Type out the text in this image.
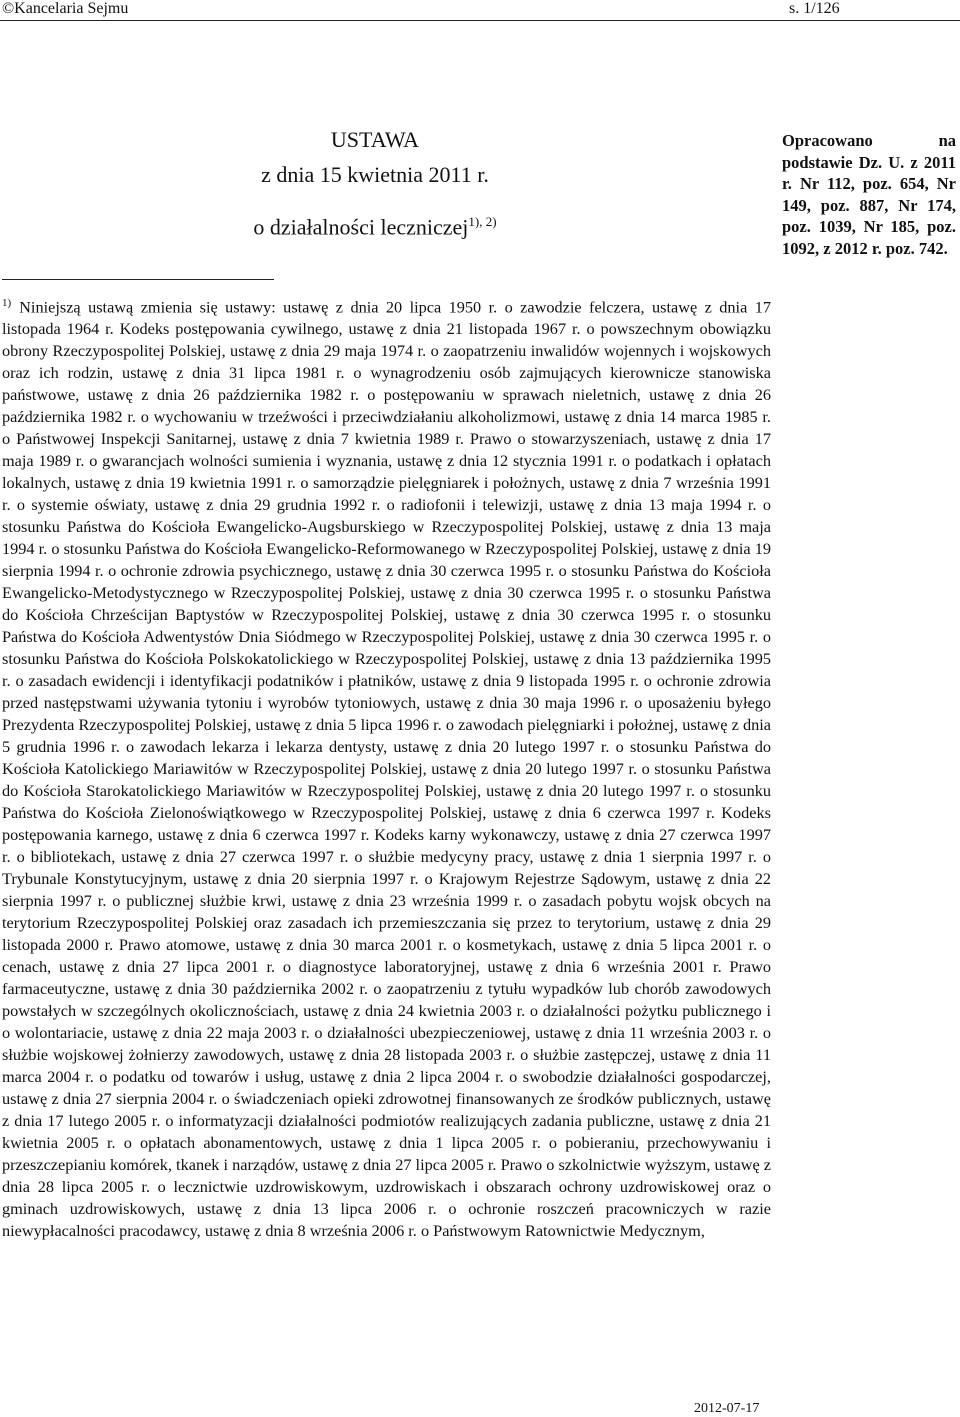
©Kancelaria Sejmu	s. 1/126
USTAWA
z dnia 15 kwietnia 2011 r.
o działalności leczniczej$^{1), 2)}$
Opracowano na podstawie Dz. U. z 2011 r. Nr 112, poz. 654, Nr 149, poz. 887, Nr 174, poz. 1039, Nr 185, poz. 1092, z 2012 r. poz. 742.
$^{1)}$ Niniejszą ustawą zmienia się ustawy: ustawę z dnia 20 lipca 1950 r. o zawodzie felczera, ustawę z dnia 17 listopada 1964 r. Kodeks postępowania cywilnego, ustawę z dnia 21 listopada 1967 r. o powszechnym obowiązku obrony Rzeczypospolitej Polskiej, ustawę z dnia 29 maja 1974 r. o zaopatrzeniu inwalidów wojennych i wojskowych oraz ich rodzin, ustawę z dnia 31 lipca 1981 r. o wynagrodzeniu osób zajmujących kierownicze stanowiska państwowe, ustawę z dnia 26 października 1982 r. o postępowaniu w sprawach nieletnich, ustawę z dnia 26 października 1982 r. o wychowaniu w trzeźwości i przeciwdziałaniu alkoholizmowi, ustawę z dnia 14 marca 1985 r. o Państwowej Inspekcji Sanitarnej, ustawę z dnia 7 kwietnia 1989 r. Prawo o stowarzyszeniach, ustawę z dnia 17 maja 1989 r. o gwarancjach wolności sumienia i wyznania, ustawę z dnia 12 stycznia 1991 r. o podatkach i opłatach lokalnych, ustawę z dnia 19 kwietnia 1991 r. o samorządzie pielęgniarek i położnych, ustawę z dnia 7 września 1991 r. o systemie oświaty, ustawę z dnia 29 grudnia 1992 r. o radiofonii i telewizji, ustawę z dnia 13 maja 1994 r. o stosunku Państwa do Kościoła Ewangelicko-Augsburskiego w Rzeczypospolitej Polskiej, ustawę z dnia 13 maja 1994 r. o stosunku Państwa do Kościoła Ewangelicko-Reformowanego w Rzeczypospolitej Polskiej, ustawę z dnia 19 sierpnia 1994 r. o ochronie zdrowia psychicznego, ustawę z dnia 30 czerwca 1995 r. o stosunku Państwa do Kościoła Ewangelicko-Metodystycznego w Rzeczypospolitej Polskiej, ustawę z dnia 30 czerwca 1995 r. o stosunku Państwa do Kościoła Chrześcijan Baptystów w Rzeczypospolitej Polskiej, ustawę z dnia 30 czerwca 1995 r. o stosunku Państwa do Kościoła Adwentystów Dnia Siódmego w Rzeczypospolitej Polskiej, ustawę z dnia 30 czerwca 1995 r. o stosunku Państwa do Kościoła Polskokatolickiego w Rzeczypospolitej Polskiej, ustawę z dnia 13 października 1995 r. o zasadach ewidencji i identyfikacji podatników i płatników, ustawę z dnia 9 listopada 1995 r. o ochronie zdrowia przed następstwami używania tytoniu i wyrobów tytoniowych, ustawę z dnia 30 maja 1996 r. o uposażeniu byłego Prezydenta Rzeczypospolitej Polskiej, ustawę z dnia 5 lipca 1996 r. o zawodach pielęgniarki i położnej, ustawę z dnia 5 grudnia 1996 r. o zawodach lekarza i lekarza dentysty, ustawę z dnia 20 lutego 1997 r. o stosunku Państwa do Kościoła Katolickiego Mariawitów w Rzeczypospolitej Polskiej, ustawę z dnia 20 lutego 1997 r. o stosunku Państwa do Kościoła Starokatolickiego Mariawitów w Rzeczypospolitej Polskiej, ustawę z dnia 20 lutego 1997 r. o stosunku Państwa do Kościoła Zielonoświątkowego w Rzeczypospolitej Polskiej, ustawę z dnia 6 czerwca 1997 r. Kodeks postępowania karnego, ustawę z dnia 6 czerwca 1997 r. Kodeks karny wykonawczy, ustawę z dnia 27 czerwca 1997 r. o bibliotekach, ustawę z dnia 27 czerwca 1997 r. o służbie medycyny pracy, ustawę z dnia 1 sierpnia 1997 r. o Trybunale Konstytucyjnym, ustawę z dnia 20 sierpnia 1997 r. o Krajowym Rejestrze Sądowym, ustawę z dnia 22 sierpnia 1997 r. o publicznej służbie krwi, ustawę z dnia 23 września 1999 r. o zasadach pobytu wojsk obcych na terytorium Rzeczypospolitej Polskiej oraz zasadach ich przemieszczania się przez to terytorium, ustawę z dnia 29 listopada 2000 r. Prawo atomowe, ustawę z dnia 30 marca 2001 r. o kosmetykach, ustawę z dnia 5 lipca 2001 r. o cenach, ustawę z dnia 27 lipca 2001 r. o diagnostyce laboratoryjnej, ustawę z dnia 6 września 2001 r. Prawo farmaceutyczne, ustawę z dnia 30 października 2002 r. o zaopatrzeniu z tytułu wypadków lub chorób zawodowych powstałych w szczególnych okolicznościach, ustawę z dnia 24 kwietnia 2003 r. o działalności pożytku publicznego i o wolontariacie, ustawę z dnia 22 maja 2003 r. o działalności ubezpieczeniowej, ustawę z dnia 11 września 2003 r. o służbie wojskowej żołnierzy zawodowych, ustawę z dnia 28 listopada 2003 r. o służbie zastępczej, ustawę z dnia 11 marca 2004 r. o podatku od towarów i usług, ustawę z dnia 2 lipca 2004 r. o swobodzie działalności gospodarczej, ustawę z dnia 27 sierpnia 2004 r. o świadczeniach opieki zdrowotnej finansowanych ze środków publicznych, ustawę z dnia 17 lutego 2005 r. o informatyzacji działalności podmiotów realizujących zadania publiczne, ustawę z dnia 21 kwietnia 2005 r. o opłatach abonamentowych, ustawę z dnia 1 lipca 2005 r. o pobieraniu, przechowywaniu i przeszczepianiu komórek, tkanek i narządów, ustawę z dnia 27 lipca 2005 r. Prawo o szkolnictwie wyższym, ustawę z dnia 28 lipca 2005 r. o lecznictwie uzdrowiskowym, uzdrowiskach i obszarach ochrony uzdrowiskowej oraz o gminach uzdrowiskowych, ustawę z dnia 13 lipca 2006 r. o ochronie roszczeń pracowniczych w razie niewypłacalności pracodawcy, ustawę z dnia 8 września 2006 r. o Państwowym Ratownictwie Medycznym,
2012-07-17
